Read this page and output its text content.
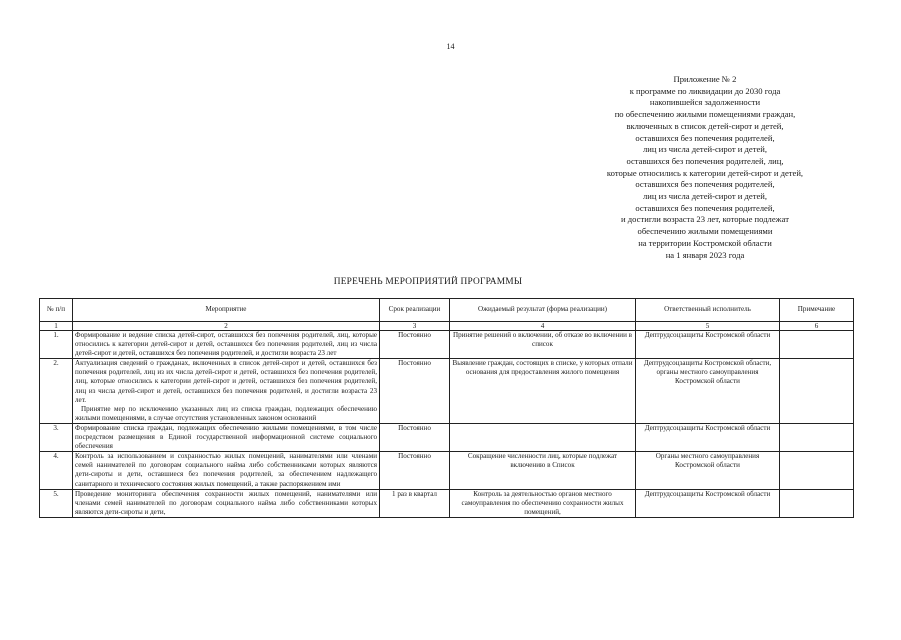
14
Приложение № 2
к программе по ликвидации до 2030 года
накопившейся задолженности
по обеспечению жилыми помещениями граждан,
включенных в список детей-сирот и детей,
оставшихся без попечения родителей,
лиц из числа детей-сирот и детей,
оставшихся без попечения родителей, лиц,
которые относились к категории детей-сирот и детей,
оставшихся без попечения родителей,
лиц из числа детей-сирот и детей,
оставшихся без попечения родителей,
и достигли возраста 23 лет, которые подлежат
обеспечению жилыми помещениями
на территории Костромской области
на 1 января 2023 года
ПЕРЕЧЕНЬ МЕРОПРИЯТИЙ ПРОГРАММЫ
№ п/п	Мероприятие	Срок реализации	Ожидаемый результат (форма реализации)	Ответственный исполнитель	Примечание
1	2	3	4	5	6
1.	Формирование и ведение списка детей-сирот, оставшихся без попечения родителей, лиц, которые относились к категории детей-сирот и детей, оставшихся без попечения родителей, лиц из числа детей-сирот и детей, оставшихся без попечения родителей, и достигли возраста 23 лет	Постоянно	Принятие решений о включении, об отказе во включении в список	Дептрудсоцзащиты Костромской области	
2.	Актуализация сведений о гражданах, включенных в список детей-сирот и детей, оставшихся без попечения родителей, лиц из их числа детей-сирот и детей, оставшихся без попечения родителей, лиц, которые относились к категории детей-сирот и детей, оставшихся без попечения родителей, лиц из числа детей-сирот и детей, оставшихся без попечения родителей, и достигли возраста 23 лет.

Принятие мер по исключению указанных лиц из списка граждан, подлежащих обеспечению жилыми помещениями, в случае отсутствия установленных законом оснований	Постоянно	Выявление граждан, состоящих в списке, у которых отпали основания для предоставления жилого помещения	Дептрудсоцзащиты Костромской области, органы местного самоуправления Костромской области	
3.	Формирование списка граждан, подлежащих обеспечению жилыми помещениями, в том числе посредством размещения в Единой государственной информационной системе социального обеспечения	Постоянно		Дептрудсоцзащиты Костромской области	
4.	Контроль за использованием и сохранностью жилых помещений, нанимателями или членами семей нанимателей по договорам социального найма либо собственниками которых являются дети-сироты и дети, оставшиеся без попечения родителей, за обеспечением надлежащего санитарного и технического состояния жилых помещений, а также распоряжением ими	Постоянно	Сокращение численности лиц, которые подлежат включению в Список	Органы местного самоуправления Костромской области	
5.	Проведение мониторинга обеспечения сохранности жилых помещений, нанимателями или членами семей нанимателей по договорам социального найма либо собственниками которых являются дети-сироты и дети,	1 раз в квартал	Контроль за деятельностью органов местного самоуправления по обеспечению сохранности жилых помещений,	Дептрудсоцзащиты Костромской области	
